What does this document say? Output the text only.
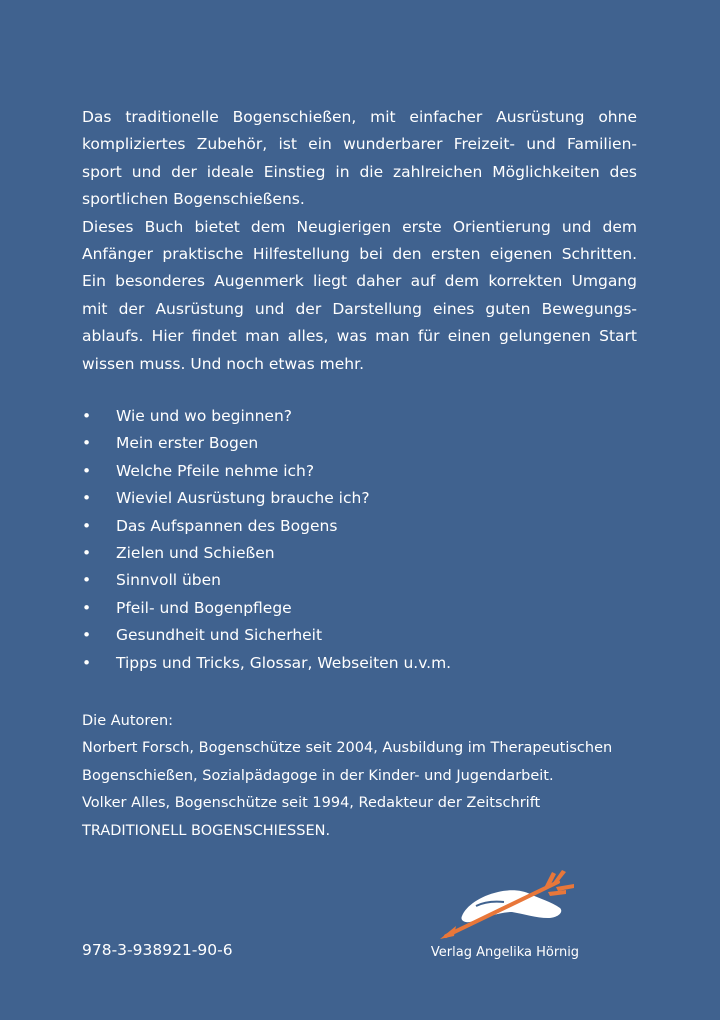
Das traditionelle Bogenschießen, mit einfacher Ausrüstung ohne
kompliziertes Zubehör, ist ein wunderbarer Freizeit- und Familien-
sport und der ideale Einstieg in die zahlreichen Möglichkeiten des
sportlichen Bogenschießens.

Dieses Buch bietet dem Neugierigen erste Orientierung und dem
Anfänger praktische Hilfestellung bei den ersten eigenen Schritten.
Ein besonderes Augenmerk liegt daher auf dem korrekten Umgang
mit der Ausrüstung und der Darstellung eines guten Bewegungs-
ablaufs. Hier findet man alles, was man für einen gelungenen Start
wissen muss. Und noch etwas mehr.

• Wie und wo beginnen?
• Mein erster Bogen
• Welche Pfeile nehme ich?
• Wieviel Ausrüstung brauche ich?
• Das Aufspannen des Bogens
• Zielen und Schießen
• Sinnvoll üben
• Pfeil- und Bogenpflege
• Gesundheit und Sicherheit
• Tipps und Tricks, Glossar, Webseiten u.v.m.
Die Autoren:
Norbert Forsch, Bogenschütze seit 2004, Ausbildung im Therapeutischen
Bogenschießen, Sozialpädagoge in der Kinder- und Jugendarbeit.
Volker Alles, Bogenschütze seit 1994, Redakteur der Zeitschrift
TRADITIONELL BOGENSCHIESSEN.
978-3-938921-90-6	Verlag Angelika Hörnig
